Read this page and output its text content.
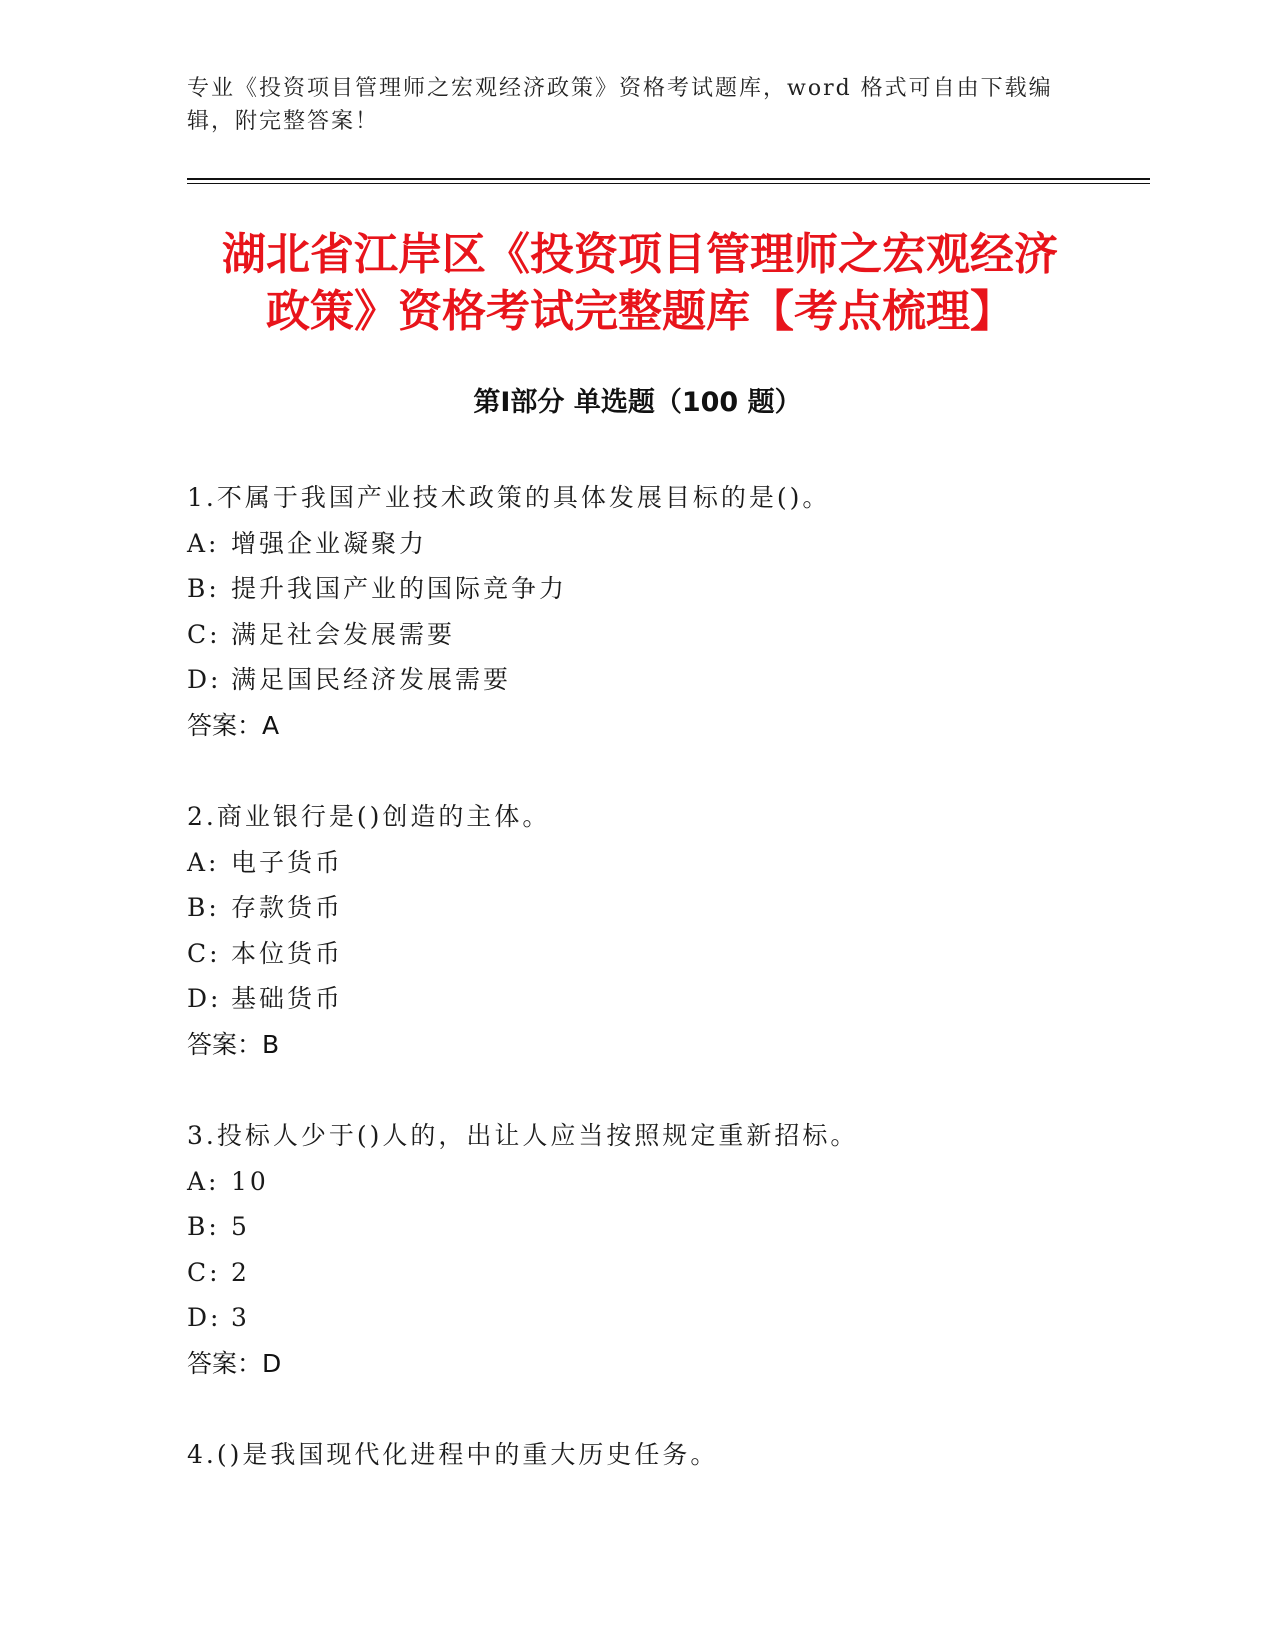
专业《投资项目管理师之宏观经济政策》资格考试题库，word 格式可自由下载编
辑，附完整答案！
湖北省江岸区《投资项目管理师之宏观经济
政策》资格考试完整题库【考点梳理】
第Ⅰ部分 单选题（100 题）
1.不属于我国产业技术政策的具体发展目标的是()。
A: 增强企业凝聚力
B: 提升我国产业的国际竞争力
C: 满足社会发展需要
D: 满足国民经济发展需要
答案：A
2.商业银行是()创造的主体。
A: 电子货币
B: 存款货币
C: 本位货币
D: 基础货币
答案：B
3.投标人少于()人的，出让人应当按照规定重新招标。
A: 10
B: 5
C: 2
D: 3
答案：D
4.()是我国现代化进程中的重大历史任务。
